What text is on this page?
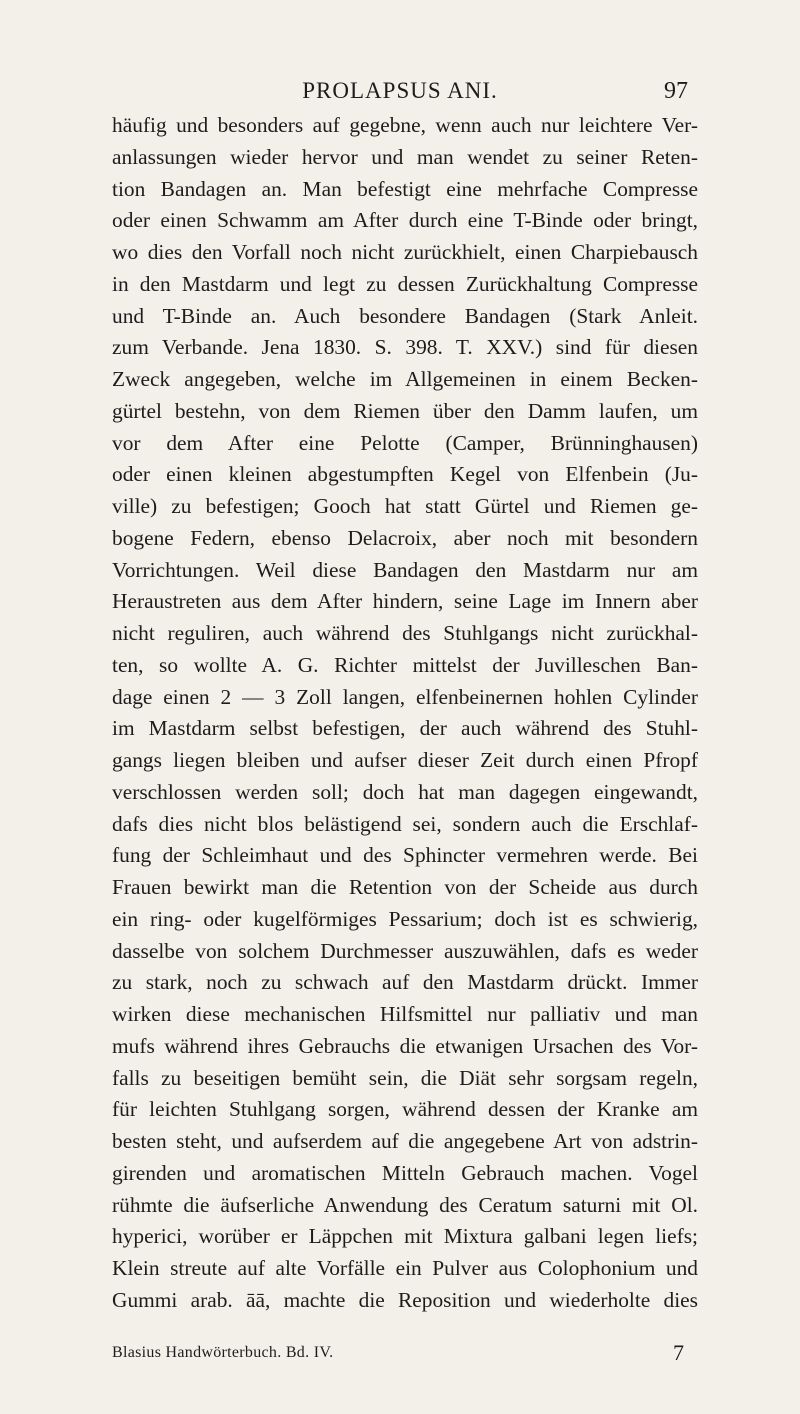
PROLAPSUS ANI.	97
häufig und besonders auf gegebne, wenn auch nur leichtere Ver-
anlassungen wieder hervor und man wendet zu seiner Reten-
tion Bandagen an. Man befestigt eine mehrfache Compresse
oder einen Schwamm am After durch eine T-Binde oder bringt,
wo dies den Vorfall noch nicht zurückhielt, einen Charpiebausch
in den Mastdarm und legt zu dessen Zurückhaltung Compresse
und T-Binde an. Auch besondere Bandagen (Stark Anleit.
zum Verbande. Jena 1830. S. 398. T. XXV.) sind für diesen
Zweck angegeben, welche im Allgemeinen in einem Becken-
gürtel bestehn, von dem Riemen über den Damm laufen, um
vor dem After eine Pelotte (Camper, Brünninghausen)
oder einen kleinen abgestumpften Kegel von Elfenbein (Ju-
ville) zu befestigen; Gooch hat statt Gürtel und Riemen ge-
bogene Federn, ebenso Delacroix, aber noch mit besondern
Vorrichtungen. Weil diese Bandagen den Mastdarm nur am
Heraustreten aus dem After hindern, seine Lage im Innern aber
nicht reguliren, auch während des Stuhlgangs nicht zurückhal-
ten, so wollte A. G. Richter mittelst der Juvilleschen Ban-
dage einen 2 — 3 Zoll langen, elfenbeinernen hohlen Cylinder
im Mastdarm selbst befestigen, der auch während des Stuhl-
gangs liegen bleiben und aufser dieser Zeit durch einen Pfropf
verschlossen werden soll; doch hat man dagegen eingewandt,
dafs dies nicht blos belästigend sei, sondern auch die Erschlaf-
fung der Schleimhaut und des Sphincter vermehren werde. Bei
Frauen bewirkt man die Retention von der Scheide aus durch
ein ring- oder kugelförmiges Pessarium; doch ist es schwierig,
dasselbe von solchem Durchmesser auszuwählen, dafs es weder
zu stark, noch zu schwach auf den Mastdarm drückt. Immer
wirken diese mechanischen Hilfsmittel nur palliativ und man
mufs während ihres Gebrauchs die etwanigen Ursachen des Vor-
falls zu beseitigen bemüht sein, die Diät sehr sorgsam regeln,
für leichten Stuhlgang sorgen, während dessen der Kranke am
besten steht, und aufserdem auf die angegebene Art von adstrin-
girenden und aromatischen Mitteln Gebrauch machen. Vogel
rühmte die äufserliche Anwendung des Ceratum saturni mit Ol.
hyperici, worüber er Läppchen mit Mixtura galbani legen liefs;
Klein streute auf alte Vorfälle ein Pulver aus Colophonium und
Gummi arab. āā, machte die Reposition und wiederholte dies
Blasius Handwörterbuch. Bd. IV.	7
